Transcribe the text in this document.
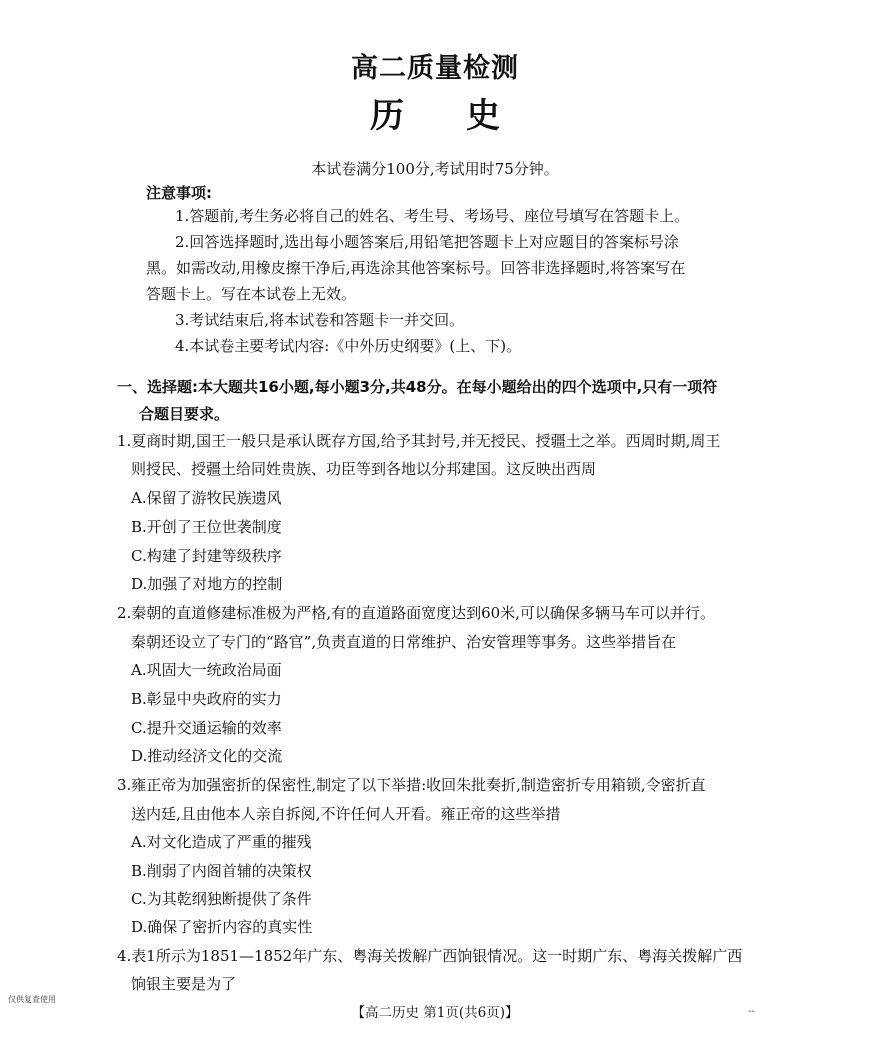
高二质量检测
历 史
本试卷满分100分,考试用时75分钟。
注意事项:
1.答题前,考生务必将自己的姓名、考生号、考场号、座位号填写在答题卡上。
2.回答选择题时,选出每小题答案后,用铅笔把答题卡上对应题目的答案标号涂
黑。如需改动,用橡皮擦干净后,再选涂其他答案标号。回答非选择题时,将答案写在
答题卡上。写在本试卷上无效。
3.考试结束后,将本试卷和答题卡一并交回。
4.本试卷主要考试内容:《中外历史纲要》(上、下)。
一、选择题:本大题共16小题,每小题3分,共48分。在每小题给出的四个选项中,只有一项符
合题目要求。
1.夏商时期,国王一般只是承认既存方国,给予其封号,并无授民、授疆土之举。西周时期,周王
则授民、授疆土给同姓贵族、功臣等到各地以分邦建国。这反映出西周
A.保留了游牧民族遗风
B.开创了王位世袭制度
C.构建了封建等级秩序
D.加强了对地方的控制
2.秦朝的直道修建标准极为严格,有的直道路面宽度达到60米,可以确保多辆马车可以并行。
秦朝还设立了专门的“路官”,负责直道的日常维护、治安管理等事务。这些举措旨在
A.巩固大一统政治局面
B.彰显中央政府的实力
C.提升交通运输的效率
D.推动经济文化的交流
3.雍正帝为加强密折的保密性,制定了以下举措:收回朱批奏折,制造密折专用箱锁,令密折直
送内廷,且由他本人亲自拆阅,不许任何人开看。雍正帝的这些举措
A.对文化造成了严重的摧残
B.削弱了内阁首辅的决策权
C.为其乾纲独断提供了条件
D.确保了密折内容的真实性
4.表1所示为1851—1852年广东、粤海关拨解广西饷银情况。这一时期广东、粤海关拨解广西
饷银主要是为了
仅供复查使用
【高二历史 第1页(共6页)】	--
